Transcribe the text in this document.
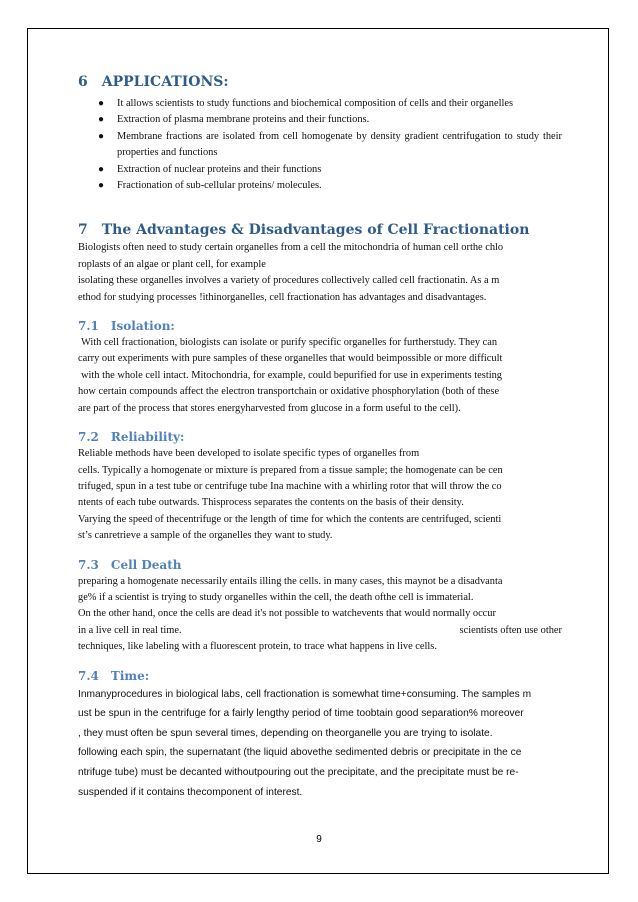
6 APPLICATIONS:
● It allows scientists to study functions and biochemical composition of cells and their organelles
● Extraction of plasma membrane proteins and their functions.
● Membrane fractions are isolated from cell homogenate by density gradient centrifugation to study their properties and functions
● Extraction of nuclear proteins and their functions
● Fractionation of sub-cellular proteins/ molecules.
7 The Advantages & Disadvantages of Cell Fractionation

Biologists often need to study certain organelles from a cell the mitochondria of human cell orthe chlo

roplasts of an algae or plant cell, for example

isolating these organelles involves a variety of procedures collectively called cell fractionatin. As a m

ethod for studying processes !ithinorganelles, cell fractionation has advantages and disadvantages.

7.1 Isolation:

With cell fractionation, biologists can isolate or purify specific organelles for furtherstudy. They can

carry out experiments with pure samples of these organelles that would beimpossible or more difficult

with the whole cell intact. Mitochondria, for example, could bepurified for use in experiments testing

how certain compounds affect the electron transportchain or oxidative phosphorylation (both of these

are part of the process that stores energyharvested from glucose in a form useful to the cell).

7.2 Reliability:

Reliable methods have been developed to isolate specific types of organelles from

cells. Typically a homogenate or mixture is prepared from a tissue sample; the homogenate can be cen

trifuged, spun in a test tube or centrifuge tube Ina machine with a whirling rotor that will throw the co

ntents of each tube outwards. Thisprocess separates the contents on the basis of their density.

Varying the speed of thecentrifuge or the length of time for which the contents are centrifuged, scienti

st’s canretrieve a sample of the organelles they want to study.

7.3 Cell Death

preparing a homogenate necessarily entails illing the cells. in many cases, this maynot be a disadvanta

ge% if a scientist is trying to study organelles within the cell, the death ofthe cell is immaterial.

On the other hand, once the cells are dead it's not possible to watchevents that would normally occur

in a live cell in real time.	scientists often use other

techniques, like labeling with a fluorescent protein, to trace what happens in live cells.

7.4 Time:

Inmanyprocedures in biological labs, cell fractionation is somewhat time+consuming. The samples m

ust be spun in the centrifuge for a fairly lengthy period of time toobtain good separation% moreover

, they must often be spun several times, depending on theorganelle you are trying to isolate.

following each spin, the supernatant (the liquid abovethe sedimented debris or precipitate in the ce

ntrifuge tube) must be decanted withoutpouring out the precipitate, and the precipitate must be re-

suspended if it contains thecomponent of interest.

9
